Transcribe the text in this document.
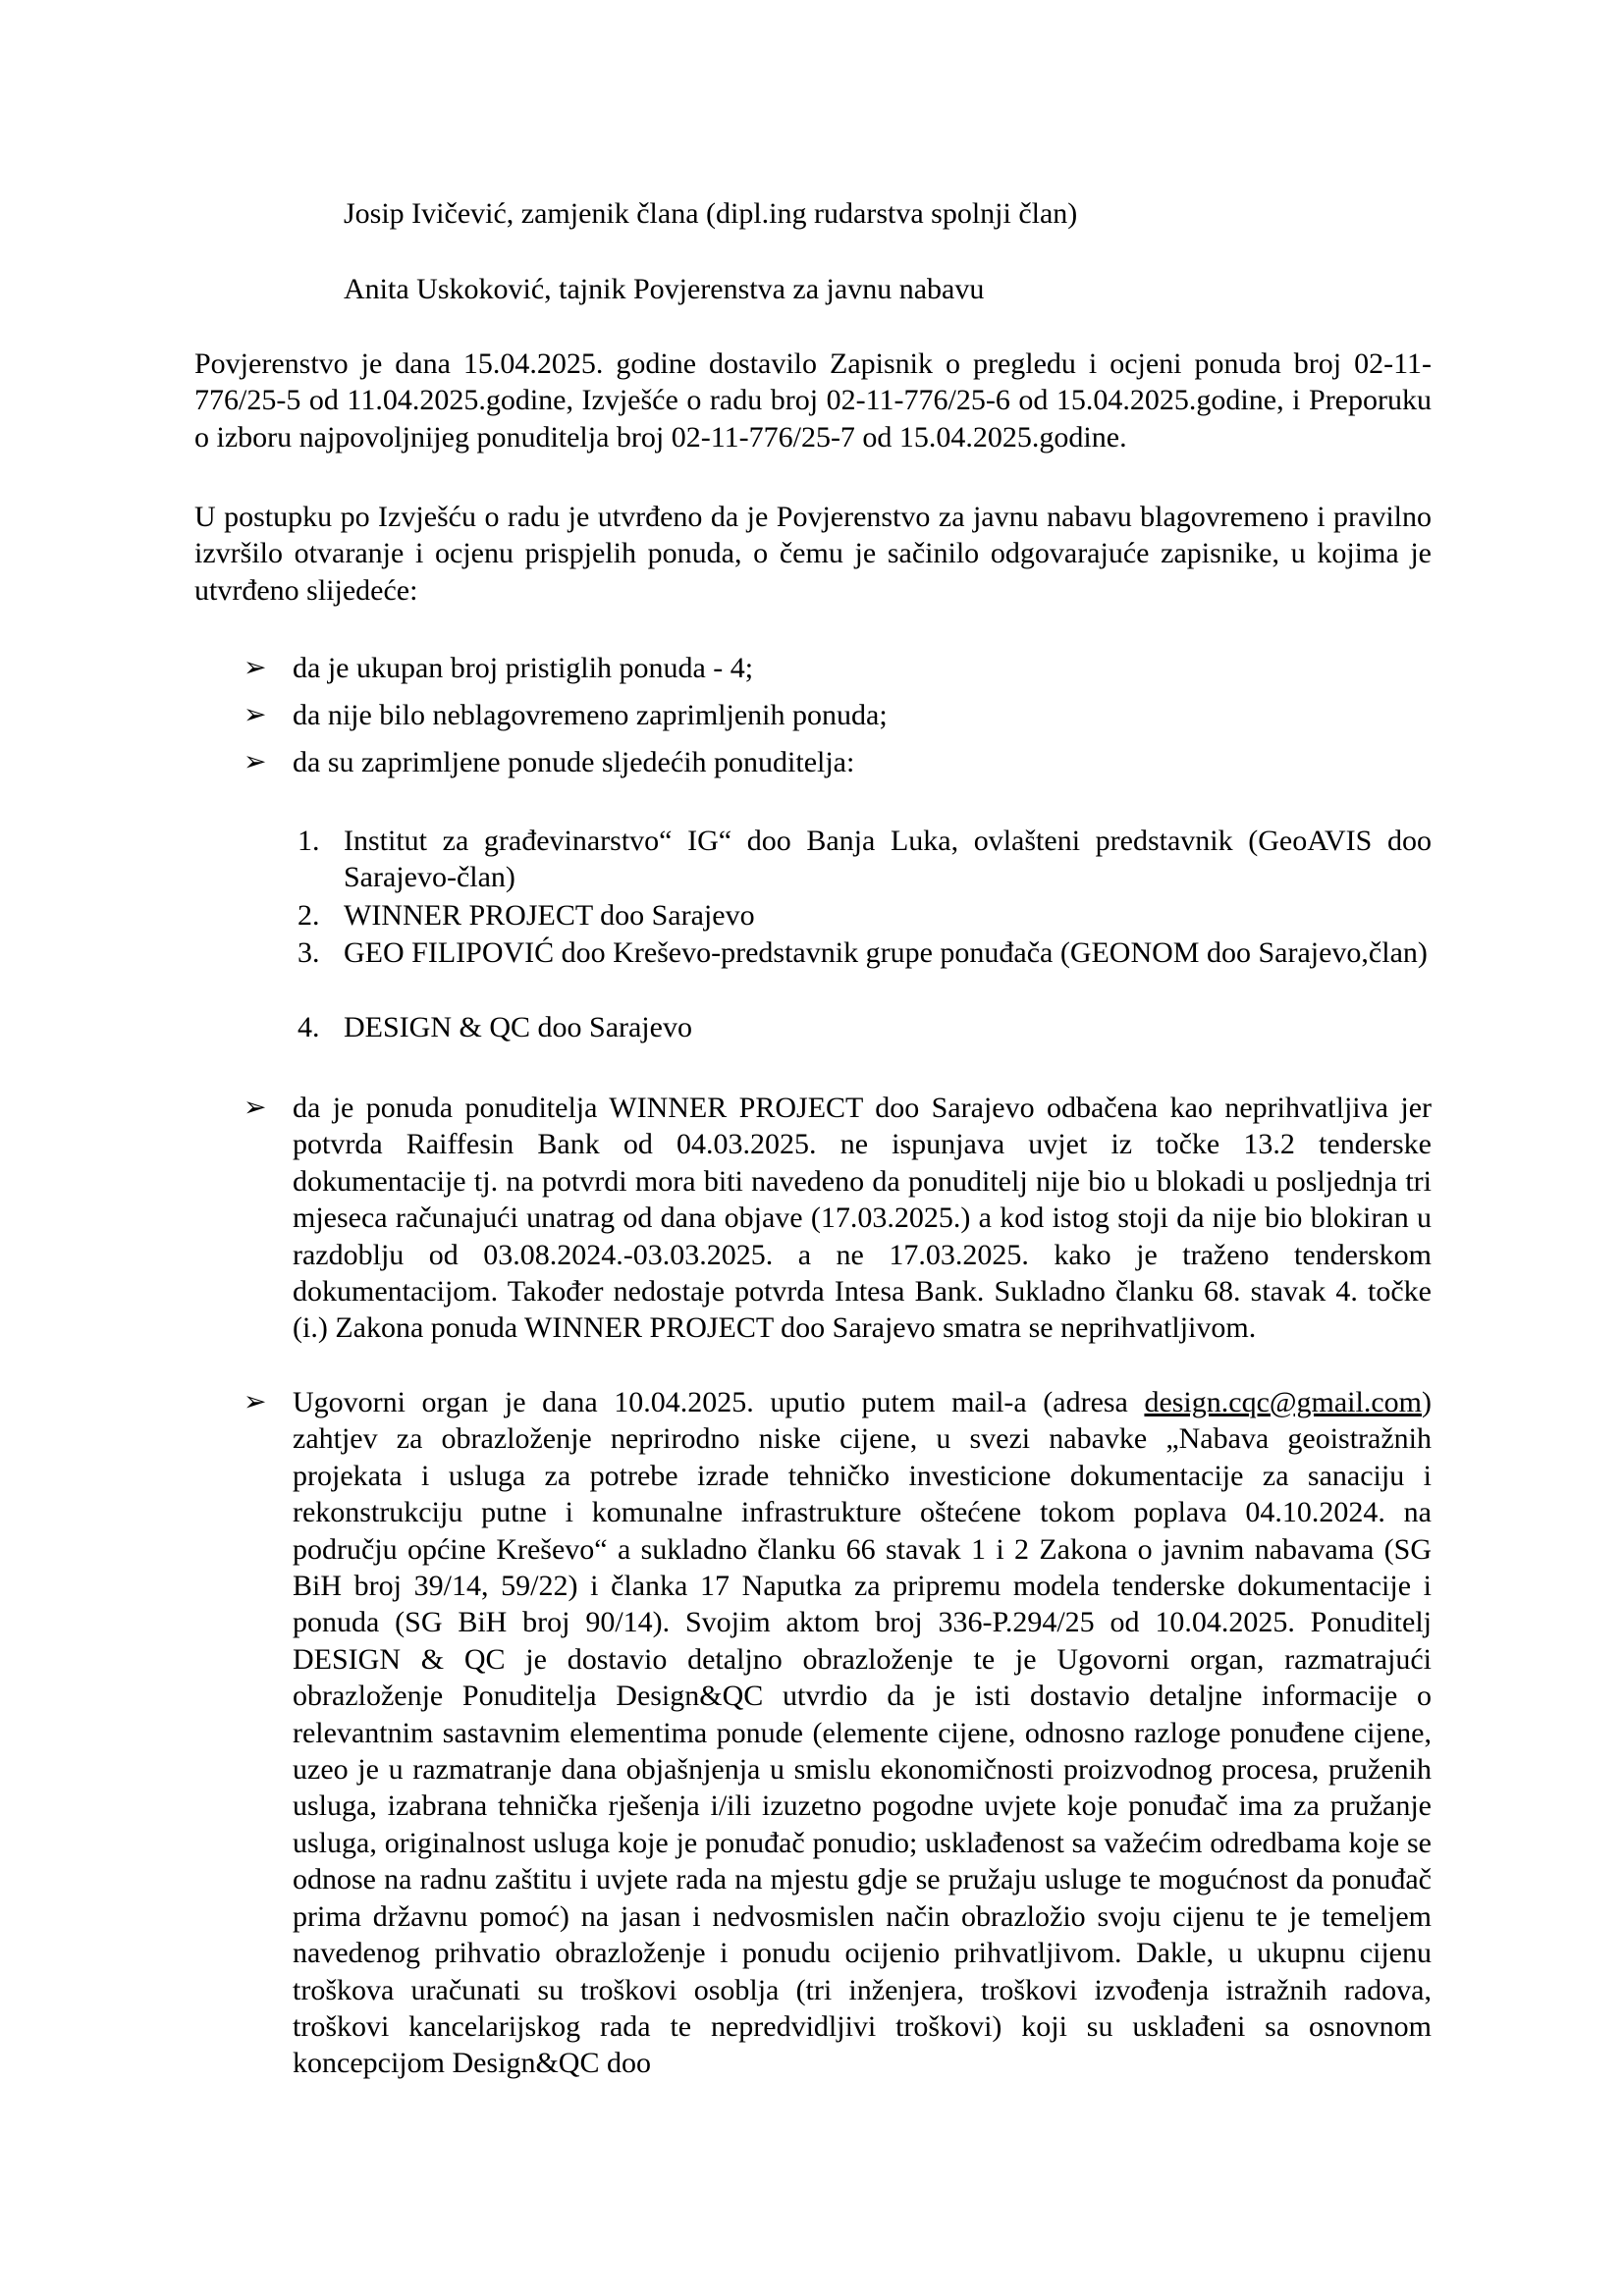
Josip Ivičević, zamjenik člana (dipl.ing rudarstva spolnji član)
Anita Uskoković, tajnik Povjerenstva za javnu nabavu
Povjerenstvo je dana 15.04.2025. godine dostavilo Zapisnik o pregledu i ocjeni ponuda broj 02-11-776/25-5 od 11.04.2025.godine, Izvješće o radu broj 02-11-776/25-6 od 15.04.2025.godine, i Preporuku o izboru najpovoljnijeg ponuditelja broj 02-11-776/25-7 od 15.04.2025.godine.
U postupku po Izvješću o radu je utvrđeno da je Povjerenstvo za javnu nabavu blagovremeno i pravilno izvršilo otvaranje i ocjenu prispjelih ponuda, o čemu je sačinilo odgovarajuće zapisnike, u kojima je utvrđeno slijedeće:
➢ da je ukupan broj pristiglih ponuda - 4;
➢ da nije bilo neblagovremeno zaprimljenih ponuda;
➢ da su zaprimljene ponude sljedećih ponuditelja:
1. Institut za građevinarstvo“ IG“ doo Banja Luka, ovlašteni predstavnik (GeoAVIS doo Sarajevo-član)
2. WINNER PROJECT doo Sarajevo
3. GEO FILIPOVIĆ doo Kreševo-predstavnik grupe ponuđača (GEONOM doo Sarajevo,član)
4. DESIGN & QC doo Sarajevo
➢ da je ponuda ponuditelja WINNER PROJECT doo Sarajevo odbačena kao neprihvatljiva jer potvrda Raiffesin Bank od 04.03.2025. ne ispunjava uvjet iz točke 13.2 tenderske dokumentacije tj. na potvrdi mora biti navedeno da ponuditelj nije bio u blokadi u posljednja tri mjeseca računajući unatrag od dana objave (17.03.2025.) a kod istog stoji da nije bio blokiran u razdoblju od 03.08.2024.-03.03.2025. a ne 17.03.2025. kako je traženo tenderskom dokumentacijom. Također nedostaje potvrda Intesa Bank. Sukladno članku 68. stavak 4. točke (i.) Zakona ponuda WINNER PROJECT doo Sarajevo smatra se neprihvatljivom.
➢ Ugovorni organ je dana 10.04.2025. uputio putem mail-a (adresa design.cqc@gmail.com) zahtjev za obrazloženje neprirodno niske cijene, u svezi nabavke „Nabava geoistražnih projekata i usluga za potrebe izrade tehničko investicione dokumentacije za sanaciju i rekonstrukciju putne i komunalne infrastrukture oštećene tokom poplava 04.10.2024. na području općine Kreševo“ a sukladno članku 66 stavak 1 i 2 Zakona o javnim nabavama (SG BiH broj 39/14, 59/22) i članka 17 Naputka za pripremu modela tenderske dokumentacije i ponuda (SG BiH broj 90/14). Svojim aktom broj 336-P.294/25 od 10.04.2025. Ponuditelj DESIGN & QC je dostavio detaljno obrazloženje te je Ugovorni organ, razmatrajući obrazloženje Ponuditelja Design&QC utvrdio da je isti dostavio detaljne informacije o relevantnim sastavnim elementima ponude (elemente cijene, odnosno razloge ponuđene cijene, uzeo je u razmatranje dana objašnjenja u smislu ekonomičnosti proizvodnog procesa, pruženih usluga, izabrana tehnička rješenja i/ili izuzetno pogodne uvjete koje ponuđač ima za pružanje usluga, originalnost usluga koje je ponuđač ponudio; usklađenost sa važećim odredbama koje se odnose na radnu zaštitu i uvjete rada na mjestu gdje se pružaju usluge te mogućnost da ponuđač prima državnu pomoć) na jasan i nedvosmislen način obrazložio svoju cijenu te je temeljem navedenog prihvatio obrazloženje i ponudu ocijenio prihvatljivom. Dakle, u ukupnu cijenu troškova uračunati su troškovi osoblja (tri inženjera, troškovi izvođenja istražnih radova, troškovi kancelarijskog rada te nepredvidljivi troškovi) koji su usklađeni sa osnovnom koncepcijom Design&QC doo
